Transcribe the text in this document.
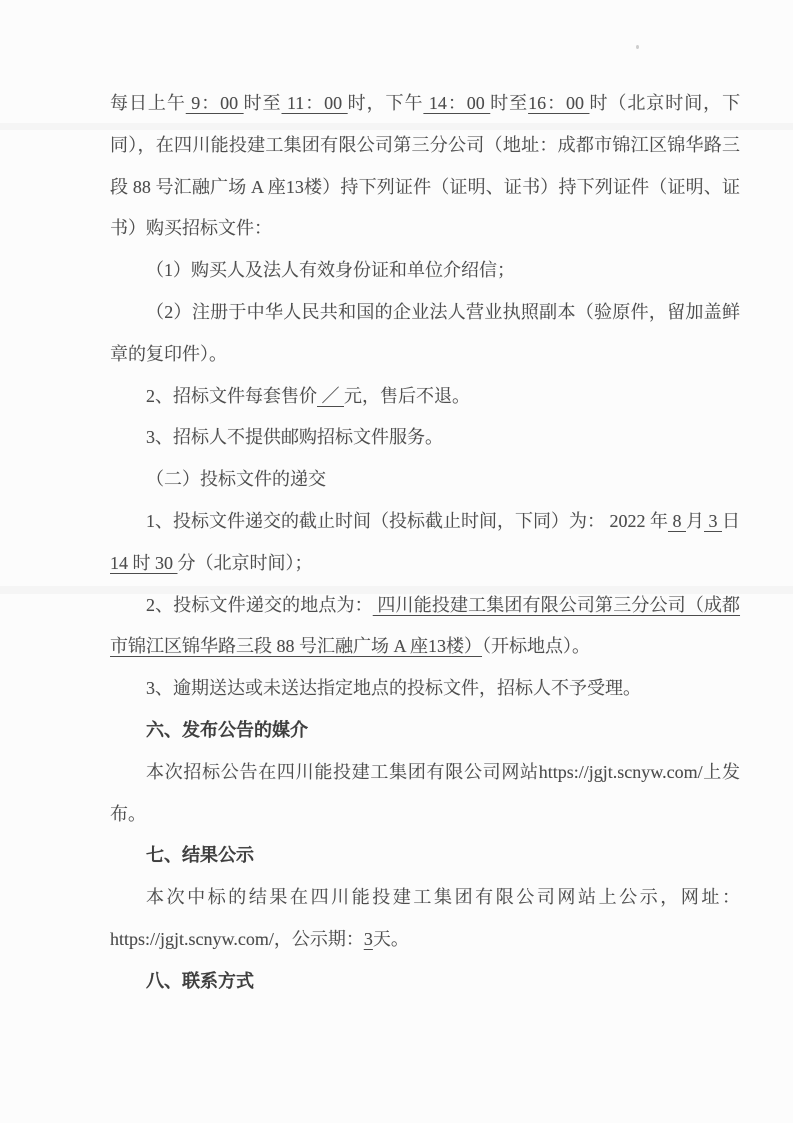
每日上午 9：00 时至 11：00 时，下午 14：00 时至16：00 时（北京时间，下同），在四川能投建工集团有限公司第三分公司（地址：成都市锦江区锦华路三段 88 号汇融广场 A 座13楼）持下列证件（证明、证书）持下列证件（证明、证书）购买招标文件：

（1）购买人及法人有效身份证和单位介绍信；

（2）注册于中华人民共和国的企业法人营业执照副本（验原件，留加盖鲜章的复印件）。

2、招标文件每套售价 ／ 元，售后不退。

3、招标人不提供邮购招标文件服务。

（二）投标文件的递交

1、投标文件递交的截止时间（投标截止时间，下同）为： 2022 年 8 月 3 日 14 时 30 分（北京时间）；

2、投标文件递交的地点为： 四川能投建工集团有限公司第三分公司（成都市锦江区锦华路三段 88 号汇融广场 A 座13楼）（开标地点）。

3、逾期送达或未送达指定地点的投标文件，招标人不予受理。

六、发布公告的媒介

本次招标公告在四川能投建工集团有限公司网站https://jgjt.scnyw.com/上发布。

七、结果公示

本次中标的结果在四川能投建工集团有限公司网站上公示，网址：https://jgjt.scnyw.com/，公示期：3天。

八、联系方式
